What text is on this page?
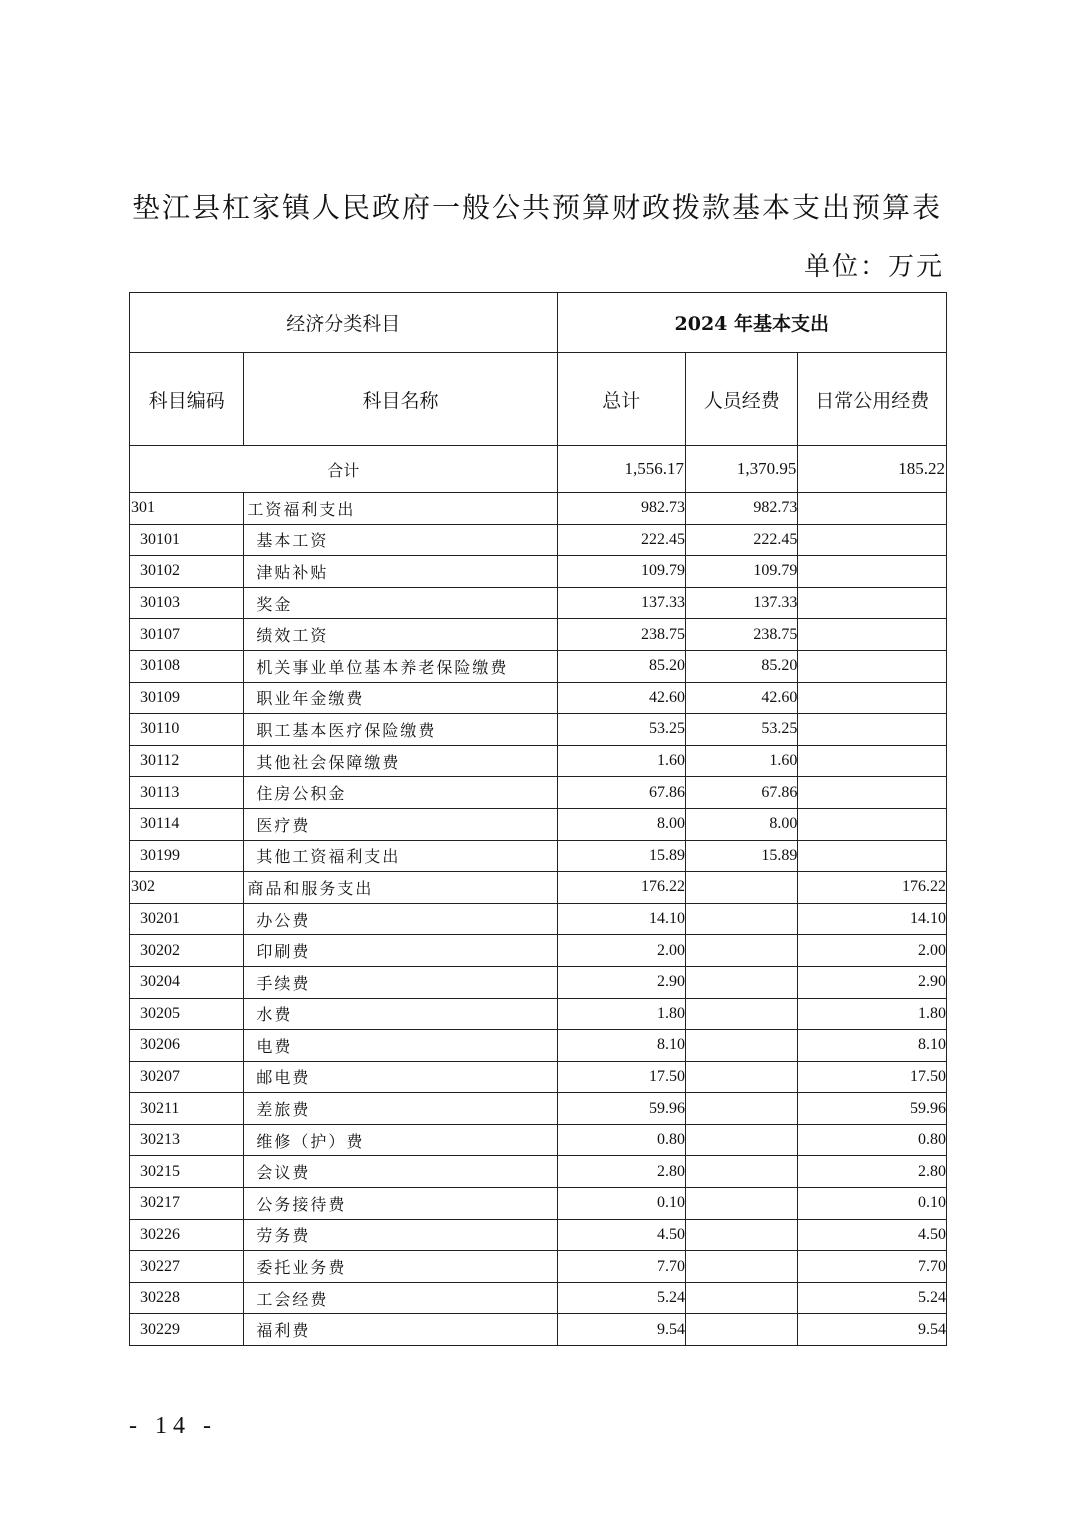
垫江县杠家镇人民政府一般公共预算财政拨款基本支出预算表
单位：万元
经济分类科目		2024 年基本支出		
科目编码	科目名称	总计	人员经费	日常公用经费
合计		1,556.17	1,370.95	185.22
301	工资福利支出	982.73	982.73	
30101	基本工资	222.45	222.45	
30102	津贴补贴	109.79	109.79	
30103	奖金	137.33	137.33	
30107	绩效工资	238.75	238.75	
30108	机关事业单位基本养老保险缴费	85.20	85.20	
30109	职业年金缴费	42.60	42.60	
30110	职工基本医疗保险缴费	53.25	53.25	
30112	其他社会保障缴费	1.60	1.60	
30113	住房公积金	67.86	67.86	
30114	医疗费	8.00	8.00	
30199	其他工资福利支出	15.89	15.89	
302	商品和服务支出	176.22		176.22
30201	办公费	14.10		14.10
30202	印刷费	2.00		2.00
30204	手续费	2.90		2.90
30205	水费	1.80		1.80
30206	电费	8.10		8.10
30207	邮电费	17.50		17.50
30211	差旅费	59.96		59.96
30213	维修（护）费	0.80		0.80
30215	会议费	2.80		2.80
30217	公务接待费	0.10		0.10
30226	劳务费	4.50		4.50
30227	委托业务费	7.70		7.70
30228	工会经费	5.24		5.24
30229	福利费	9.54		9.54
- 14 -
